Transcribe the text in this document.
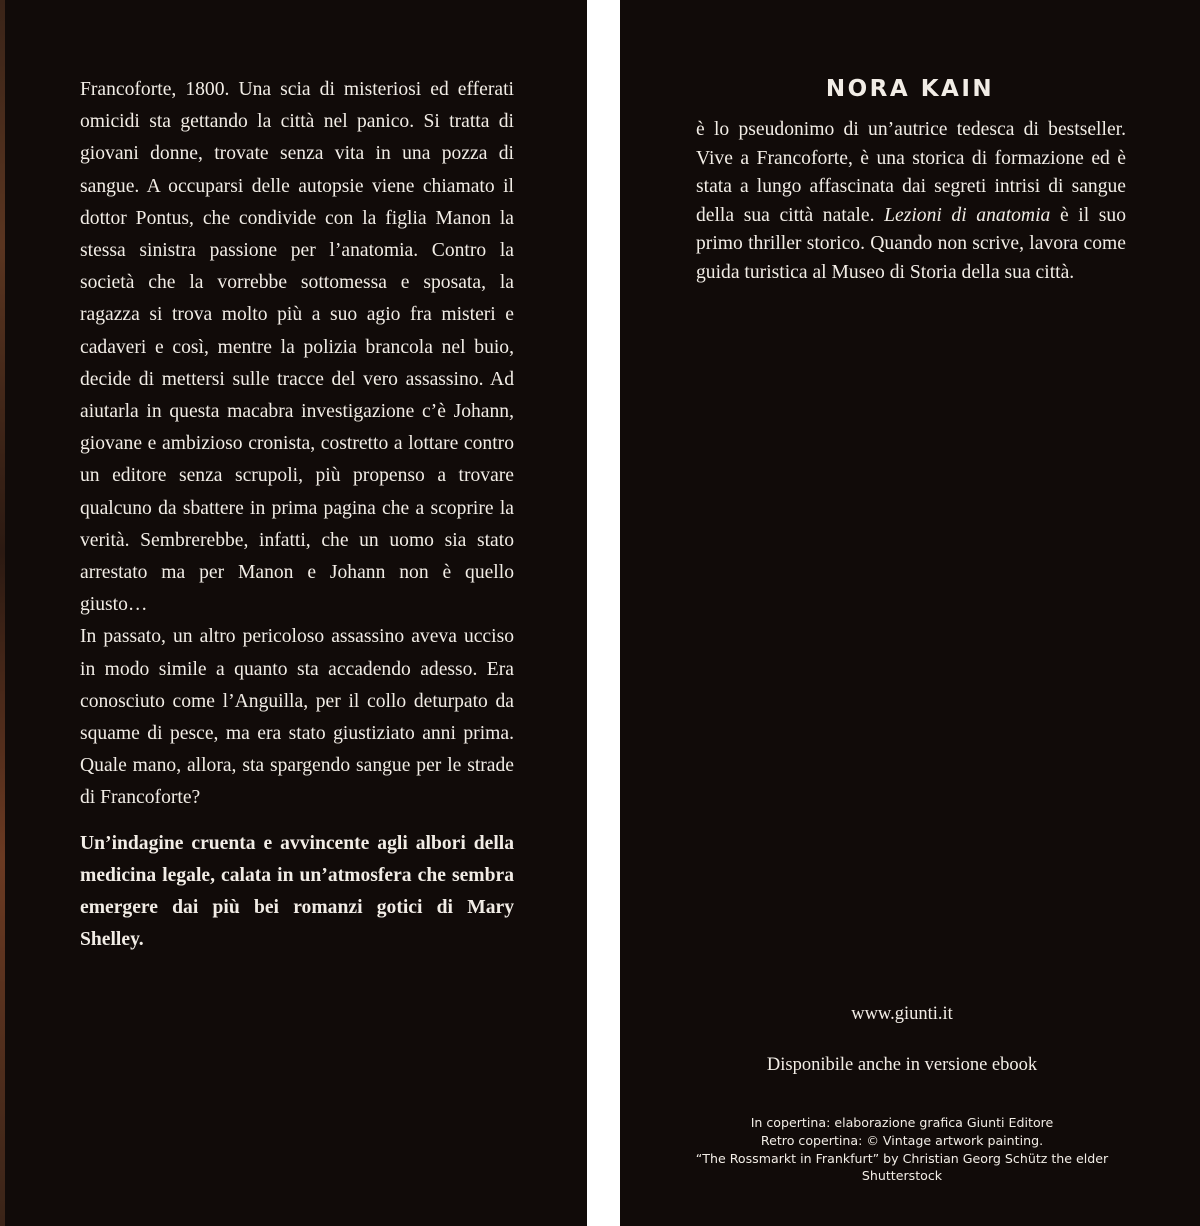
Francoforte, 1800. Una scia di misteriosi ed efferati omicidi sta gettando la città nel panico. Si tratta di giovani donne, trovate senza vita in una pozza di sangue. A occuparsi delle autopsie viene chiamato il dottor Pontus, che condivide con la figlia Manon la stessa sinistra passione per l’anatomia. Contro la società che la vorrebbe sottomessa e sposata, la ragazza si trova molto più a suo agio fra misteri e cadaveri e così, mentre la polizia brancola nel buio, decide di mettersi sulle tracce del vero assassino. Ad aiutarla in questa macabra investigazione c’è Johann, giovane e ambizioso cronista, costretto a lottare contro un editore senza scrupoli, più propenso a trovare qualcuno da sbattere in prima pagina che a scoprire la verità. Sembrerebbe, infatti, che un uomo sia stato arrestato ma per Manon e Johann non è quello giusto…

In passato, un altro pericoloso assassino aveva ucciso in modo simile a quanto sta accadendo adesso. Era conosciuto come l’Anguilla, per il collo deturpato da squame di pesce, ma era stato giustiziato anni prima. Quale mano, allora, sta spargendo sangue per le strade di Francoforte?

Un’indagine cruenta e avvincente agli albori della medicina legale, calata in un’atmosfera che sembra emergere dai più bei romanzi gotici di Mary Shelley.

NORA KAIN

è lo pseudonimo di un’autrice tedesca di bestseller. Vive a Francoforte, è una storica di formazione ed è stata a lungo affascinata dai segreti intrisi di sangue della sua città natale. Lezioni di anatomia è il suo primo thriller storico. Quando non scrive, lavora come guida turistica al Museo di Storia della sua città.

www.giunti.it

Disponibile anche in versione ebook

In copertina: elaborazione grafica Giunti Editore
Retro copertina: © Vintage artwork painting.
“The Rossmarkt in Frankfurt” by Christian Georg Schütz the elder
Shutterstock
